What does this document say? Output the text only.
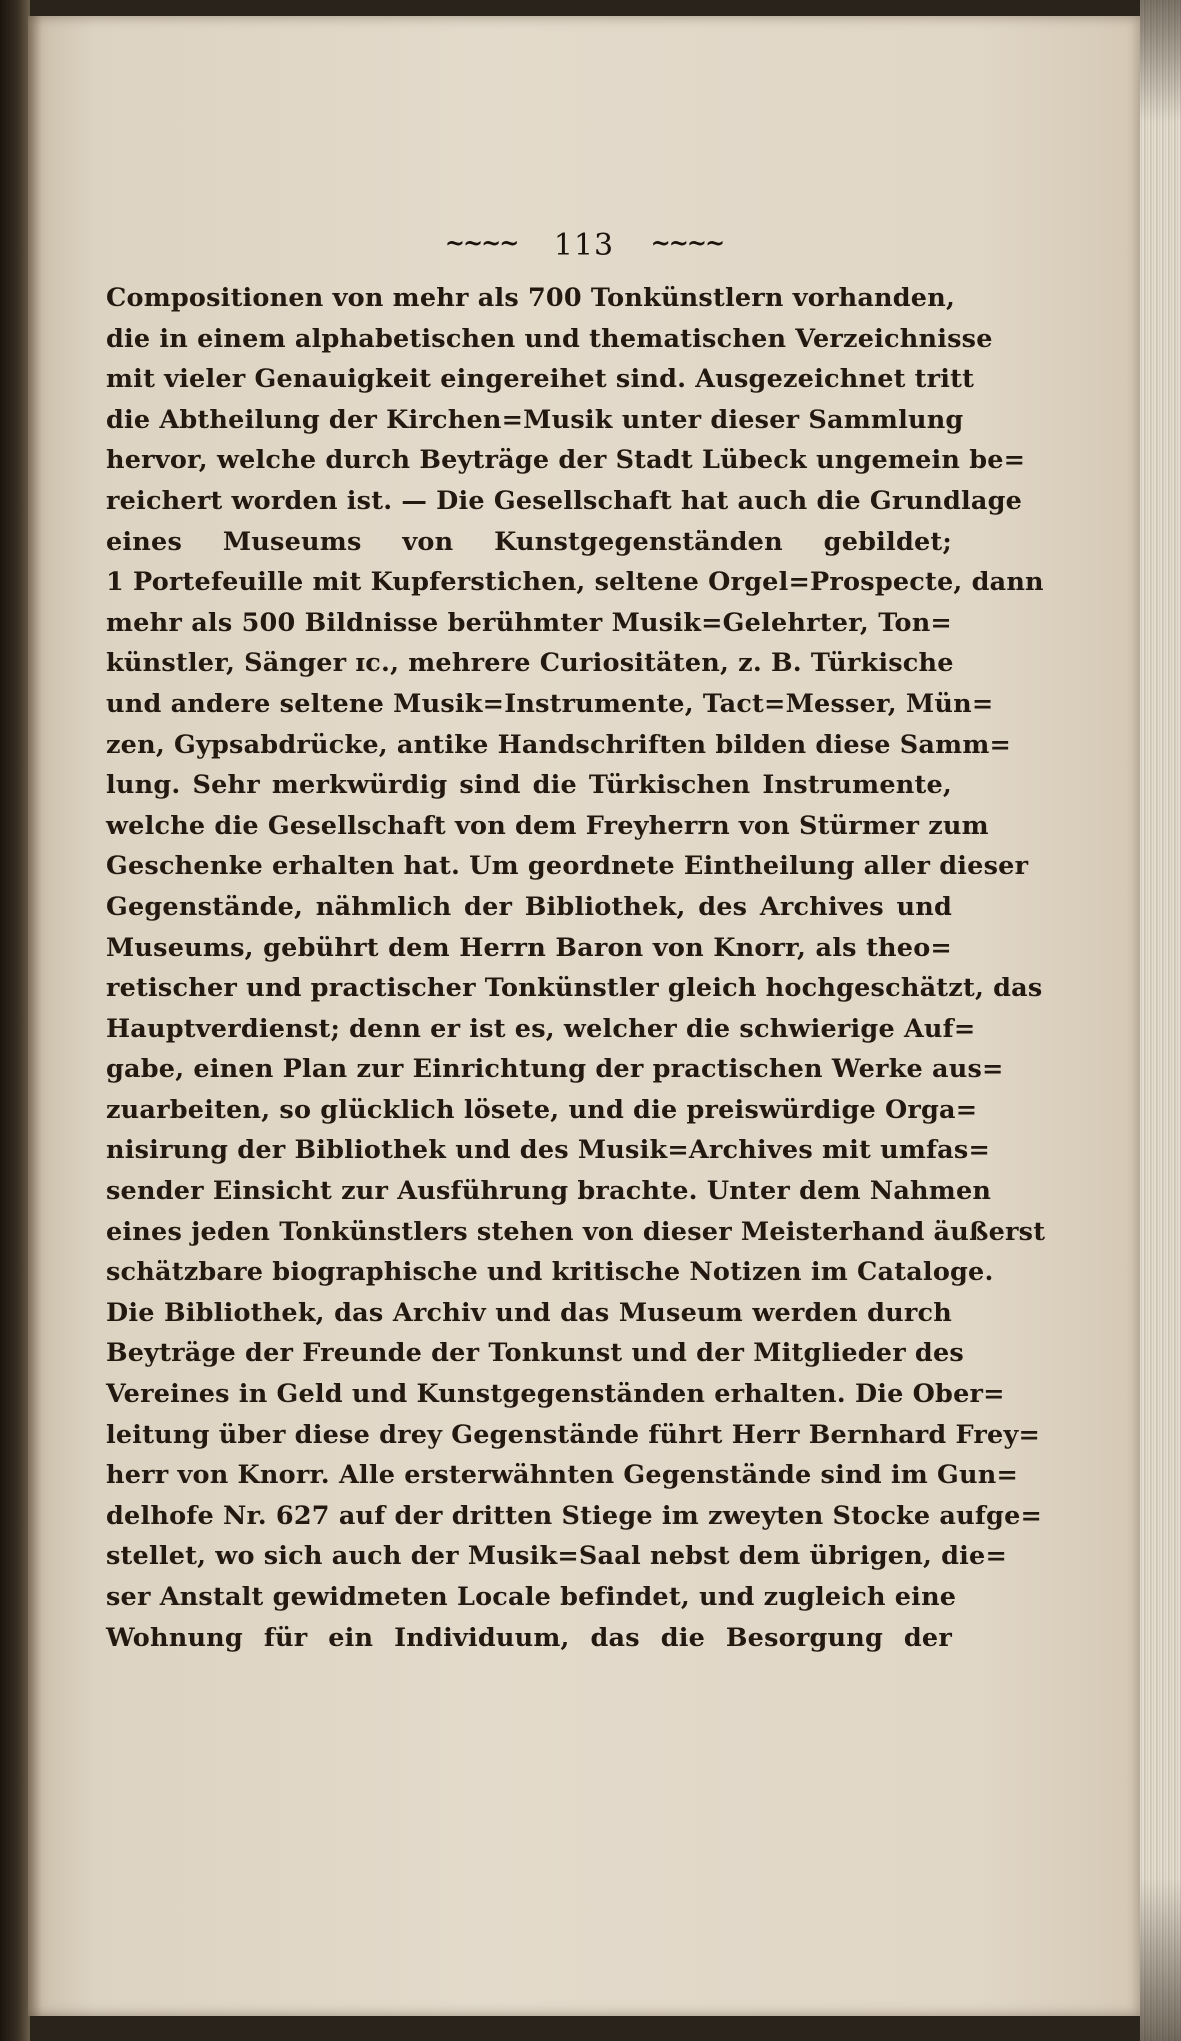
~~~~ 113 ~~~~
Compositionen von mehr als 700 Tonkünstlern vorhanden,
die in einem alphabetischen und thematischen Verzeichnisse
mit vieler Genauigkeit eingereihet sind. Ausgezeichnet tritt
die Abtheilung der Kirchen=Musik unter dieser Sammlung
hervor, welche durch Beyträge der Stadt Lübeck ungemein be=
reichert worden ist. — Die Gesellschaft hat auch die Grundlage
eines Museums von Kunstgegenständen gebildet;
1 Portefeuille mit Kupferstichen, seltene Orgel=Prospecte, dann
mehr als 500 Bildnisse berühmter Musik=Gelehrter, Ton=
künstler, Sänger ɪc., mehrere Curiositäten, z. B. Türkische
und andere seltene Musik=Instrumente, Tact=Messer, Mün=
zen, Gypsabdrücke, antike Handschriften bilden diese Samm=
lung. Sehr merkwürdig sind die Türkischen Instrumente,
welche die Gesellschaft von dem Freyherrn von Stürmer zum
Geschenke erhalten hat. Um geordnete Eintheilung aller dieser
Gegenstände, nähmlich der Bibliothek, des Archives und
Museums, gebührt dem Herrn Baron von Knorr, als theo=
retischer und practischer Tonkünstler gleich hochgeschätzt, das
Hauptverdienst; denn er ist es, welcher die schwierige Auf=
gabe, einen Plan zur Einrichtung der practischen Werke aus=
zuarbeiten, so glücklich lösete, und die preiswürdige Orga=
nisirung der Bibliothek und des Musik=Archives mit umfas=
sender Einsicht zur Ausführung brachte. Unter dem Nahmen
eines jeden Tonkünstlers stehen von dieser Meisterhand äußerst
schätzbare biographische und kritische Notizen im Cataloge.
Die Bibliothek, das Archiv und das Museum werden durch
Beyträge der Freunde der Tonkunst und der Mitglieder des
Vereines in Geld und Kunstgegenständen erhalten. Die Ober=
leitung über diese drey Gegenstände führt Herr Bernhard Frey=
herr von Knorr. Alle ersterwähnten Gegenstände sind im Gun=
delhofe Nr. 627 auf der dritten Stiege im zweyten Stocke aufge=
stellet, wo sich auch der Musik=Saal nebst dem übrigen, die=
ser Anstalt gewidmeten Locale befindet, und zugleich eine
Wohnung für ein Individuum, das die Besorgung der
